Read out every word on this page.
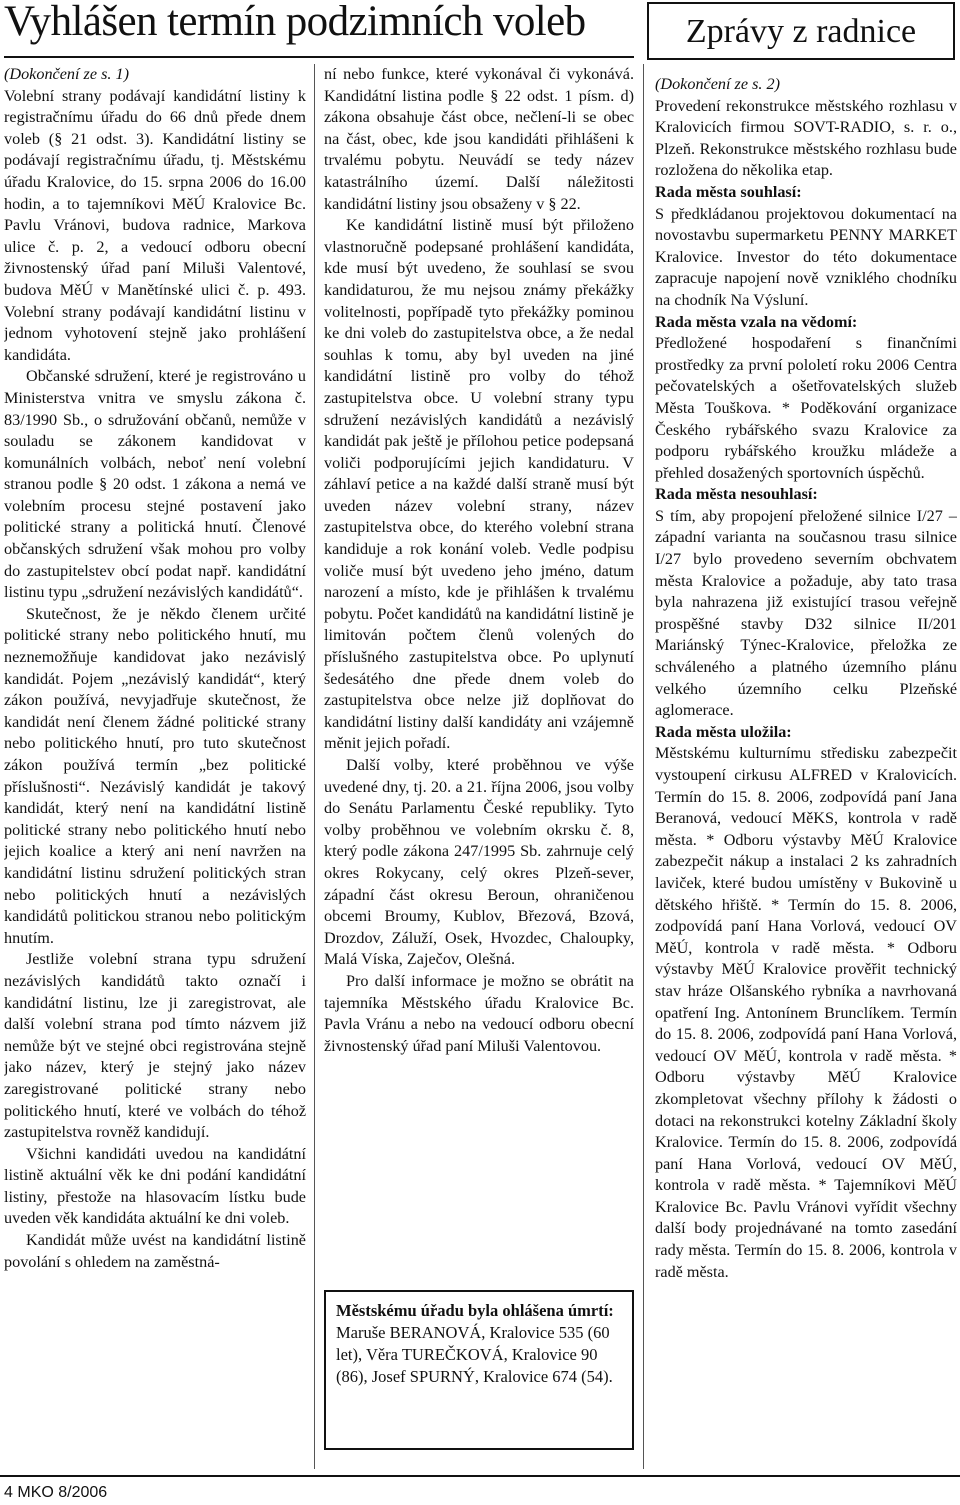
Vyhlášen termín podzimních voleb	Zprávy z radnice

(Dokončení ze s. 1)

Volební strany podávají kandidátní listiny k registračnímu úřadu do 66 dnů přede dnem voleb (§ 21 odst. 3). Kandidátní listiny se podávají registračnímu úřadu, tj. Městskému úřadu Kralovice, do 15. srpna 2006 do 16.00 hodin, a to tajemníkovi MěÚ Kralovice Bc. Pavlu Vránovi, budova radnice, Markova ulice č. p. 2, a vedoucí odboru obecní živnostenský úřad paní Miluši Valentové, budova MěÚ v Manětínské ulici č. p. 493. Volební strany podávají kandidátní listinu v jednom vyhotovení stejně jako prohlášení kandidáta.

Občanské sdružení, které je registrováno u Ministerstva vnitra ve smyslu zákona č. 83/1990 Sb., o sdružování občanů, nemůže v souladu se zákonem kandidovat v komunálních volbách, neboť není volební stranou podle § 20 odst. 1 zákona a nemá ve volebním procesu stejné postavení jako politické strany a politická hnutí. Členové občanských sdružení však mohou pro volby do zastupitelstev obcí podat např. kandidátní listinu typu „sdružení nezávislých kandidátů“.

Skutečnost, že je někdo členem určité politické strany nebo politického hnutí, mu neznemožňuje kandidovat jako nezávislý kandidát. Pojem „nezávislý kandidát“, který zákon používá, nevyjadřuje skutečnost, že kandidát není členem žádné politické strany nebo politického hnutí, pro tuto skutečnost zákon používá termín „bez politické příslušnosti“. Nezávislý kandidát je takový kandidát, který není na kandidátní listině politické strany nebo politického hnutí nebo jejich koalice a který ani není navržen na kandidátní listinu sdružení politických stran nebo politických hnutí a nezávislých kandidátů politickou stranou nebo politickým hnutím.

Jestliže volební strana typu sdružení nezávislých kandidátů takto označí i kandidátní listinu, lze ji zaregistrovat, ale další volební strana pod tímto názvem již nemůže být ve stejné obci registrována stejně jako název, který je stejný jako název zaregistrované politické strany nebo politického hnutí, které ve volbách do téhož zastupitelstva rovněž kandidují.

Všichni kandidáti uvedou na kandidátní listině aktuální věk ke dni podání kandidátní listiny, přestože na hlasovacím lístku bude uveden věk kandidáta aktuální ke dni voleb.

Kandidát může uvést na kandidátní listině povolání s ohledem na zaměstná-

ní nebo funkce, které vykonával či vykonává. Kandidátní listina podle § 22 odst. 1 písm. d) zákona obsahuje část obce, nečlení-li se obec na část, obec, kde jsou kandidáti přihlášeni k trvalému pobytu. Neuvádí se tedy název katastrálního území. Další náležitosti kandidátní listiny jsou obsaženy v § 22.

Ke kandidátní listině musí být přiloženo vlastnoručně podepsané prohlášení kandidáta, kde musí být uvedeno, že souhlasí se svou kandidaturou, že mu nejsou známy překážky volitelnosti, popřípadě tyto překážky pominou ke dni voleb do zastupitelstva obce, a že nedal souhlas k tomu, aby byl uveden na jiné kandidátní listině pro volby do téhož zastupitelstva obce. U volební strany typu sdružení nezávislých kandidátů a nezávislý kandidát pak ještě je přílohou petice podepsaná voliči podporujícími jejich kandidaturu. V záhlaví petice a na každé další straně musí být uveden název volební strany, název zastupitelstva obce, do kterého volební strana kandiduje a rok konání voleb. Vedle podpisu voliče musí být uvedeno jeho jméno, datum narození a místo, kde je přihlášen k trvalému pobytu. Počet kandidátů na kandidátní listině je limitován počtem členů volených do příslušného zastupitelstva obce. Po uplynutí šedesátého dne přede dnem voleb do zastupitelstva obce nelze již doplňovat do kandidátní listiny další kandidáty ani vzájemně měnit jejich pořadí.

Další volby, které proběhnou ve výše uvedené dny, tj. 20. a 21. října 2006, jsou volby do Senátu Parlamentu České republiky. Tyto volby proběhnou ve volebním okrsku č. 8, který podle zákona 247/1995 Sb. zahrnuje celý okres Rokycany, celý okres Plzeň-sever, západní část okresu Beroun, ohraničenou obcemi Broumy, Kublov, Březová, Bzová, Drozdov, Záluží, Osek, Hvozdec, Chaloupky, Malá Víska, Zaječov, Olešná.

Pro další informace je možno se obrátit na tajemníka Městského úřadu Kralovice Bc. Pavla Vránu a nebo na vedoucí odboru obecní živnostenský úřad paní Miluši Valentovou.

Městskému úřadu byla ohlášena úmrtí:
Maruše BERANOVÁ, Kralovice 535 (60 let), Věra TUREČKOVÁ, Kralovice 90 (86), Josef SPURNÝ, Kralovice 674 (54).

(Dokončení ze s. 2)

Provedení rekonstrukce městského rozhlasu v Kralovicích firmou SOVT-RADIO, s. r. o., Plzeň. Rekonstrukce městského rozhlasu bude rozložena do několika etap.

Rada města souhlasí:

S předkládanou projektovou dokumentací na novostavbu supermarketu PENNY MARKET Kralovice. Investor do této dokumentace zapracuje napojení nově vzniklého chodníku na chodník Na Výsluní.

Rada města vzala na vědomí:

Předložené hospodaření s finančními prostředky za první pololetí roku 2006 Centra pečovatelských a ošetřovatelských služeb Města Touškova. * Poděkování organizace Českého rybářského svazu Kralovice za podporu rybářského kroužku mládeže a přehled dosažených sportovních úspěchů.

Rada města nesouhlasí:

S tím, aby propojení přeložené silnice I/27 – západní varianta na současnou trasu silnice I/27 bylo provedeno severním obchvatem města Kralovice a požaduje, aby tato trasa byla nahrazena již existující trasou veřejně prospěšné stavby D32 silnice II/201 Mariánský Týnec-Kralovice, přeložka ze schváleného a platného územního plánu velkého územního celku Plzeňské aglomerace.

Rada města uložila:

Městskému kulturnímu středisku zabezpečit vystoupení cirkusu ALFRED v Kralovicích. Termín do 15. 8. 2006, zodpovídá paní Jana Beranová, vedoucí MěKS, kontrola v radě města. * Odboru výstavby MěÚ Kralovice zabezpečit nákup a instalaci 2 ks zahradních laviček, které budou umístěny v Bukovině u dětského hřiště. * Termín do 15. 8. 2006, zodpovídá paní Hana Vorlová, vedoucí OV MěÚ, kontrola v radě města. * Odboru výstavby MěÚ Kralovice prověřit technický stav hráze Olšanského rybníka a navrhovaná opatření Ing. Antonínem Brunclíkem. Termín do 15. 8. 2006, zodpovídá paní Hana Vorlová, vedoucí OV MěÚ, kontrola v radě města. * Odboru výstavby MěÚ Kralovice zkompletovat všechny přílohy k žádosti o dotaci na rekonstrukci kotelny Základní školy Kralovice. Termín do 15. 8. 2006, zodpovídá paní Hana Vorlová, vedoucí OV MěÚ, kontrola v radě města. * Tajemníkovi MěÚ Kralovice Bc. Pavlu Vránovi vyřídit všechny další body projednávané na tomto zasedání rady města. Termín do 15. 8. 2006, kontrola v radě města.

4 MKO 8/2006
